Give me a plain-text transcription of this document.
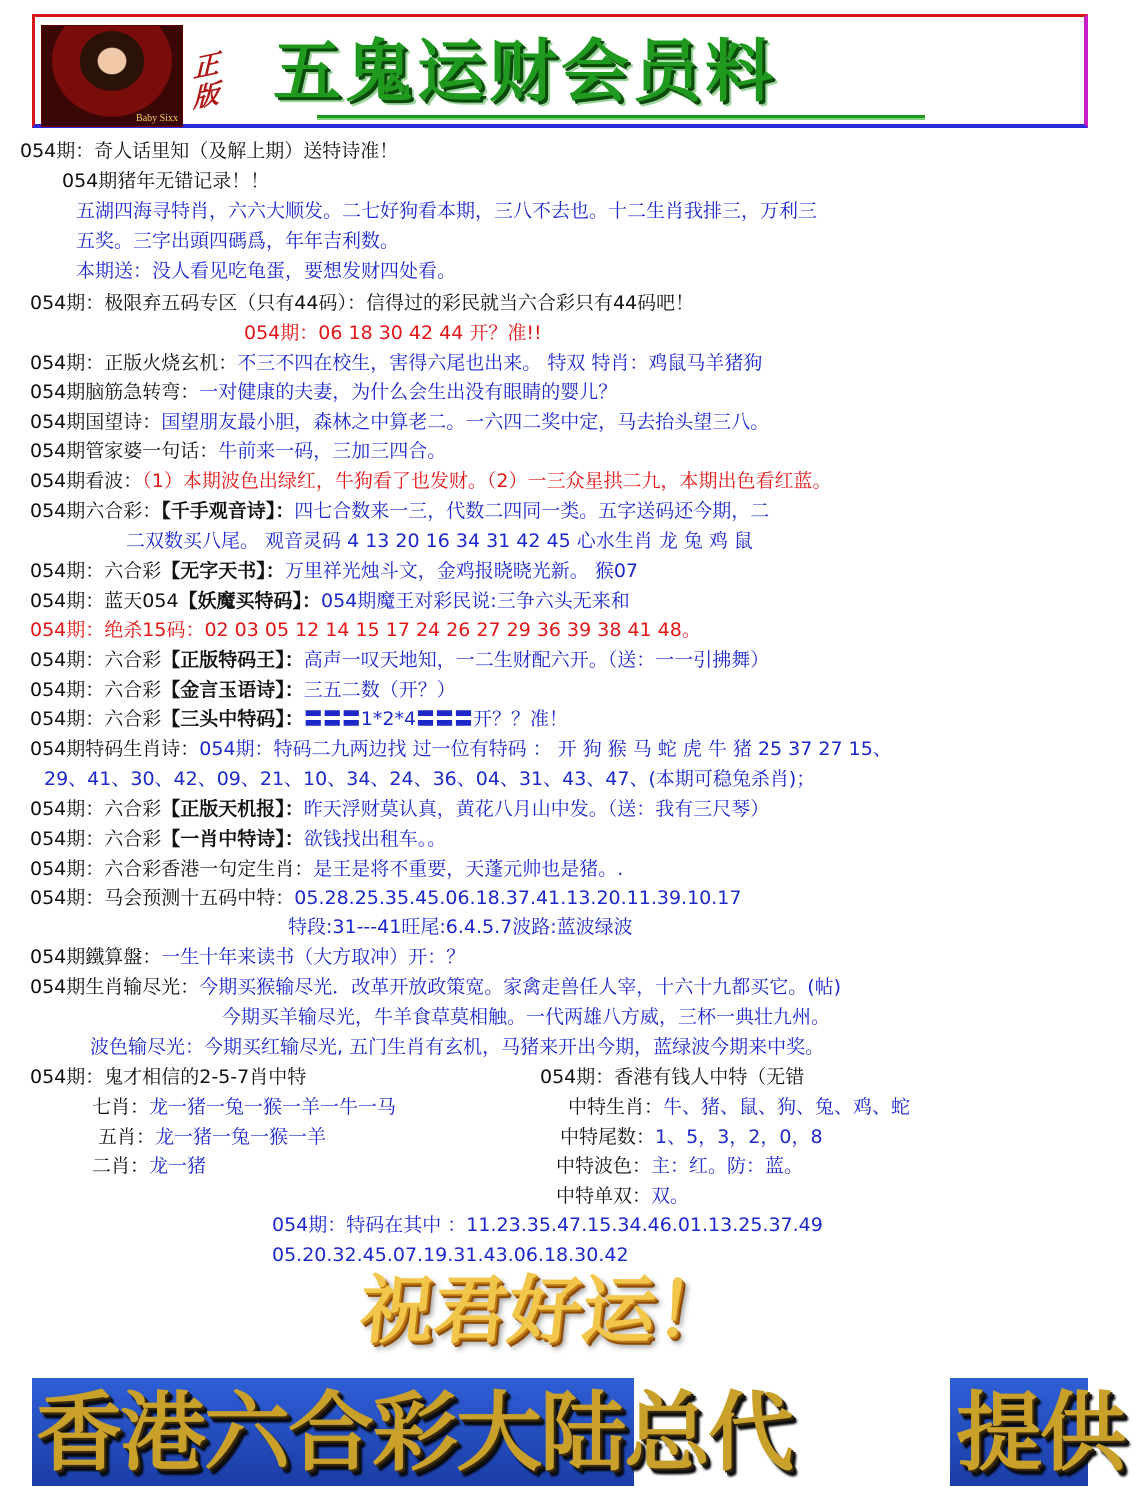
Baby Sixx
正版 五鬼运财会员料
054期：奇人话里知（及解上期）送特诗准！
054期猪年无错记录！！
五湖四海寻特肖，六六大顺发。二七好狗看本期，三八不去也。十二生肖我排三，万利三
五奖。三字出頭四碼爲，年年吉利数。
本期送：没人看见吃龟蛋，要想发财四处看。
054期：极限弃五码专区（只有44码）：信得过的彩民就当六合彩只有44码吧！
054期：06 18 30 42 44 开？准!!
054期：正版火烧玄机：不三不四在校生，害得六尾也出来。 特双 特肖：鸡鼠马羊猪狗
054期脑筋急转弯：一对健康的夫妻，为什么会生出没有眼睛的婴儿？
054期国望诗：国望朋友最小胆，森林之中算老二。一六四二奖中定，马去抬头望三八。
054期管家婆一句话：牛前来一码，三加三四合。
054期看波：（1）本期波色出绿红，牛狗看了也发财。（2）一三众星拱二九，本期出色看红蓝。
054期六合彩：【千手观音诗】：四七合数来一三，代数二四同一类。五字送码还今期，二
二双数买八尾。 观音灵码 4 13 20 16 34 31 42 45 心水生肖 龙 兔 鸡 鼠
054期：六合彩【无字天书】：万里祥光烛斗文，金鸡报晓晓光新。 猴07
054期：蓝天054【妖魔买特码】：054期魔王对彩民说:三争六头无来和
054期：绝杀15码：02 03 05 12 14 15 17 24 26 27 29 36 39 38 41 48。
054期：六合彩【正版特码王】：高声一叹天地知，一二生财配六开。（送：一一引拂舞）
054期：六合彩【金言玉语诗】：三五二数（开？）
054期：六合彩【三头中特码】：〓〓〓1*2*4〓〓〓开？？准！
054期特码生肖诗：054期：特码二九两边找 过一位有特码 ： 开 狗 猴 马 蛇 虎 牛 猪 25 37 27 15、
29、41、30、42、09、21、10、34、24、36、04、31、43、47、(本期可稳兔杀肖)；
054期：六合彩【正版天机报】：昨天浮财莫认真，黄花八月山中发。（送：我有三尺琴）
054期：六合彩【一肖中特诗】：欲钱找出租车。。
054期：六合彩香港一句定生肖：是王是将不重要，天蓬元帅也是猪。.
054期：马会预测十五码中特：05.28.25.35.45.06.18.37.41.13.20.11.39.10.17
特段:31---41旺尾:6.4.5.7波路:蓝波绿波
054期鐵算盤：一生十年来读书（大方取冲）开：？
054期生肖输尽光：今期买猴输尽光．改革开放政策宽。家禽走兽任人宰，十六十九都买它。(帖)
今期买羊输尽光，牛羊食草莫相触。一代两雄八方威，三杯一典壮九州。
波色输尽光：今期买红输尽光, 五门生肖有玄机，马猪来开出今期，蓝绿波今期来中奖。
054期：鬼才相信的2-5-7肖中特
七肖：龙一猪一兔一猴一羊一牛一马
五肖：龙一猪一兔一猴一羊
二肖：龙一猪
054期：香港有钱人中特（无错
中特生肖：牛、猪、鼠、狗、兔、鸡、蛇
中特尾数：1、5，3，2，0，8
中特波色：主：红。防：蓝。
中特单双：双。
054期：特码在其中 ：11.23.35.47.15.34.46.01.13.25.37.49
05.20.32.45.07.19.31.43.06.18.30.42
祝君好运！
香港六合彩大陆总代 提供
